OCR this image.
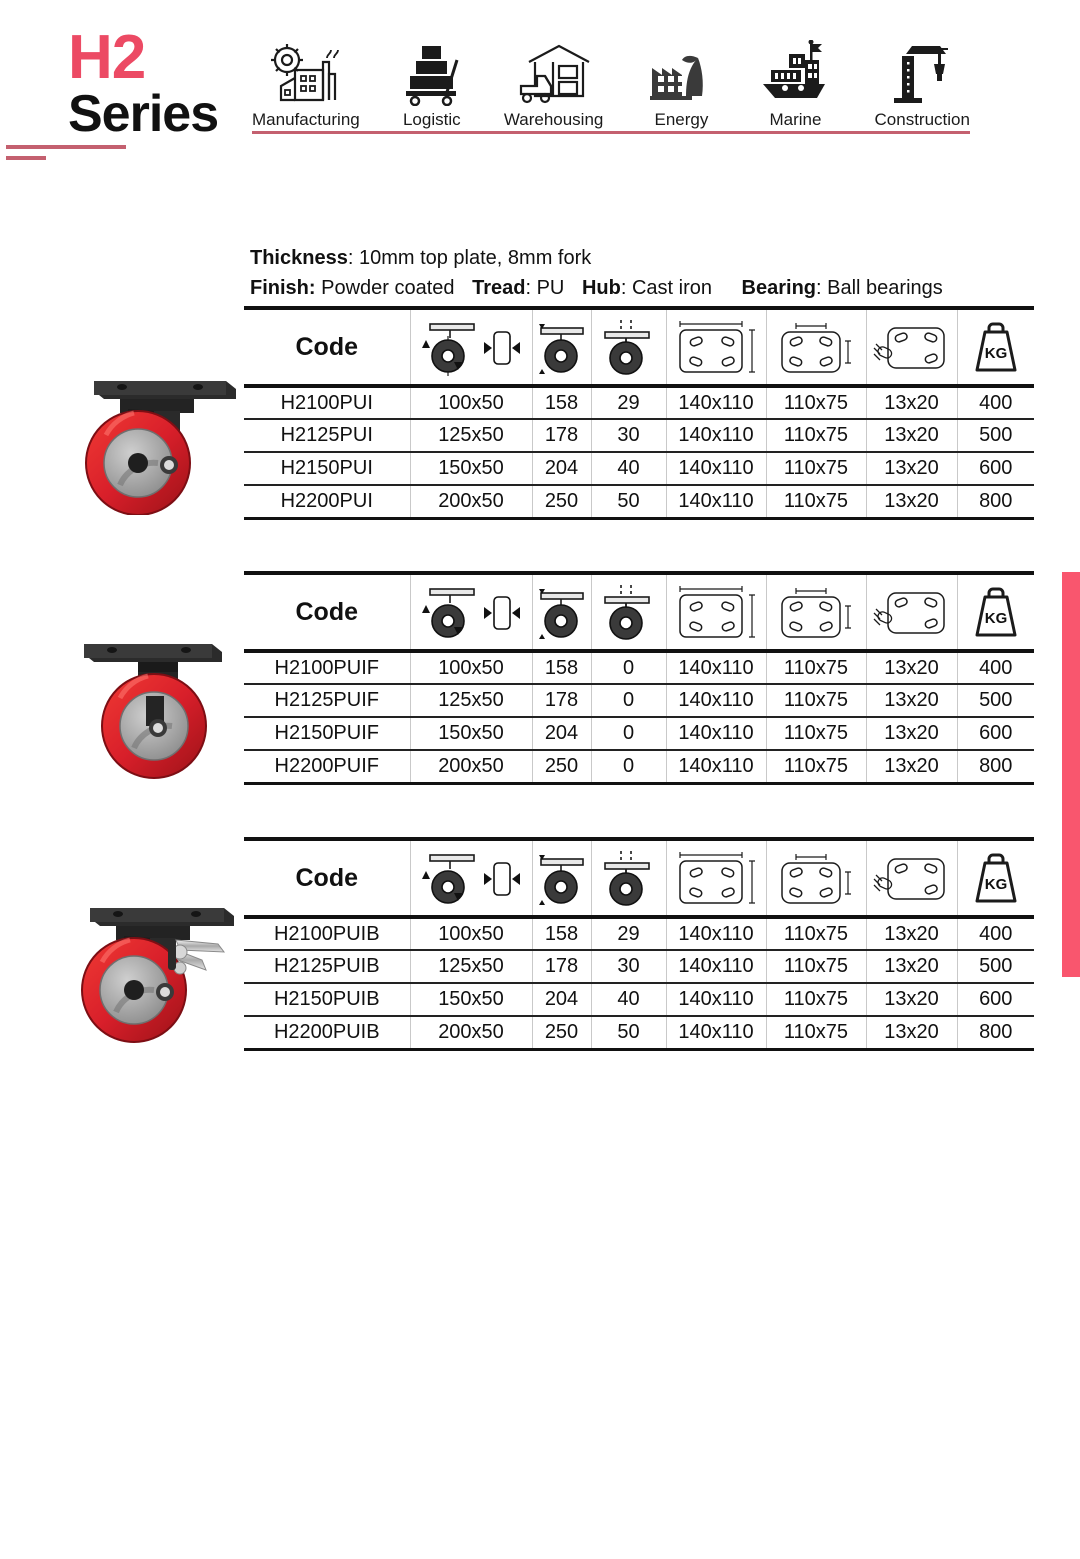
H2
Series	Manufacturing	Logistic	Warehousing	Energy	Marine	Construction
Thickness: 10mm top plate, 8mm fork
Finish: Powder coated Tread: PU Hub: Cast iron Bearing: Ball bearings
Code							KG

H2100PUI	100x50	158	29	140x110	110x75	13x20	400
H2125PUI	125x50	178	30	140x110	110x75	13x20	500
H2150PUI	150x50	204	40	140x110	110x75	13x20	600
H2200PUI	200x50	250	50	140x110	110x75	13x20	800
Code							KG

H2100PUIF	100x50	158	0	140x110	110x75	13x20	400
H2125PUIF	125x50	178	0	140x110	110x75	13x20	500
H2150PUIF	150x50	204	0	140x110	110x75	13x20	600
H2200PUIF	200x50	250	0	140x110	110x75	13x20	800
Code							KG

H2100PUIB	100x50	158	29	140x110	110x75	13x20	400
H2125PUIB	125x50	178	30	140x110	110x75	13x20	500
H2150PUIB	150x50	204	40	140x110	110x75	13x20	600
H2200PUIB	200x50	250	50	140x110	110x75	13x20	800
